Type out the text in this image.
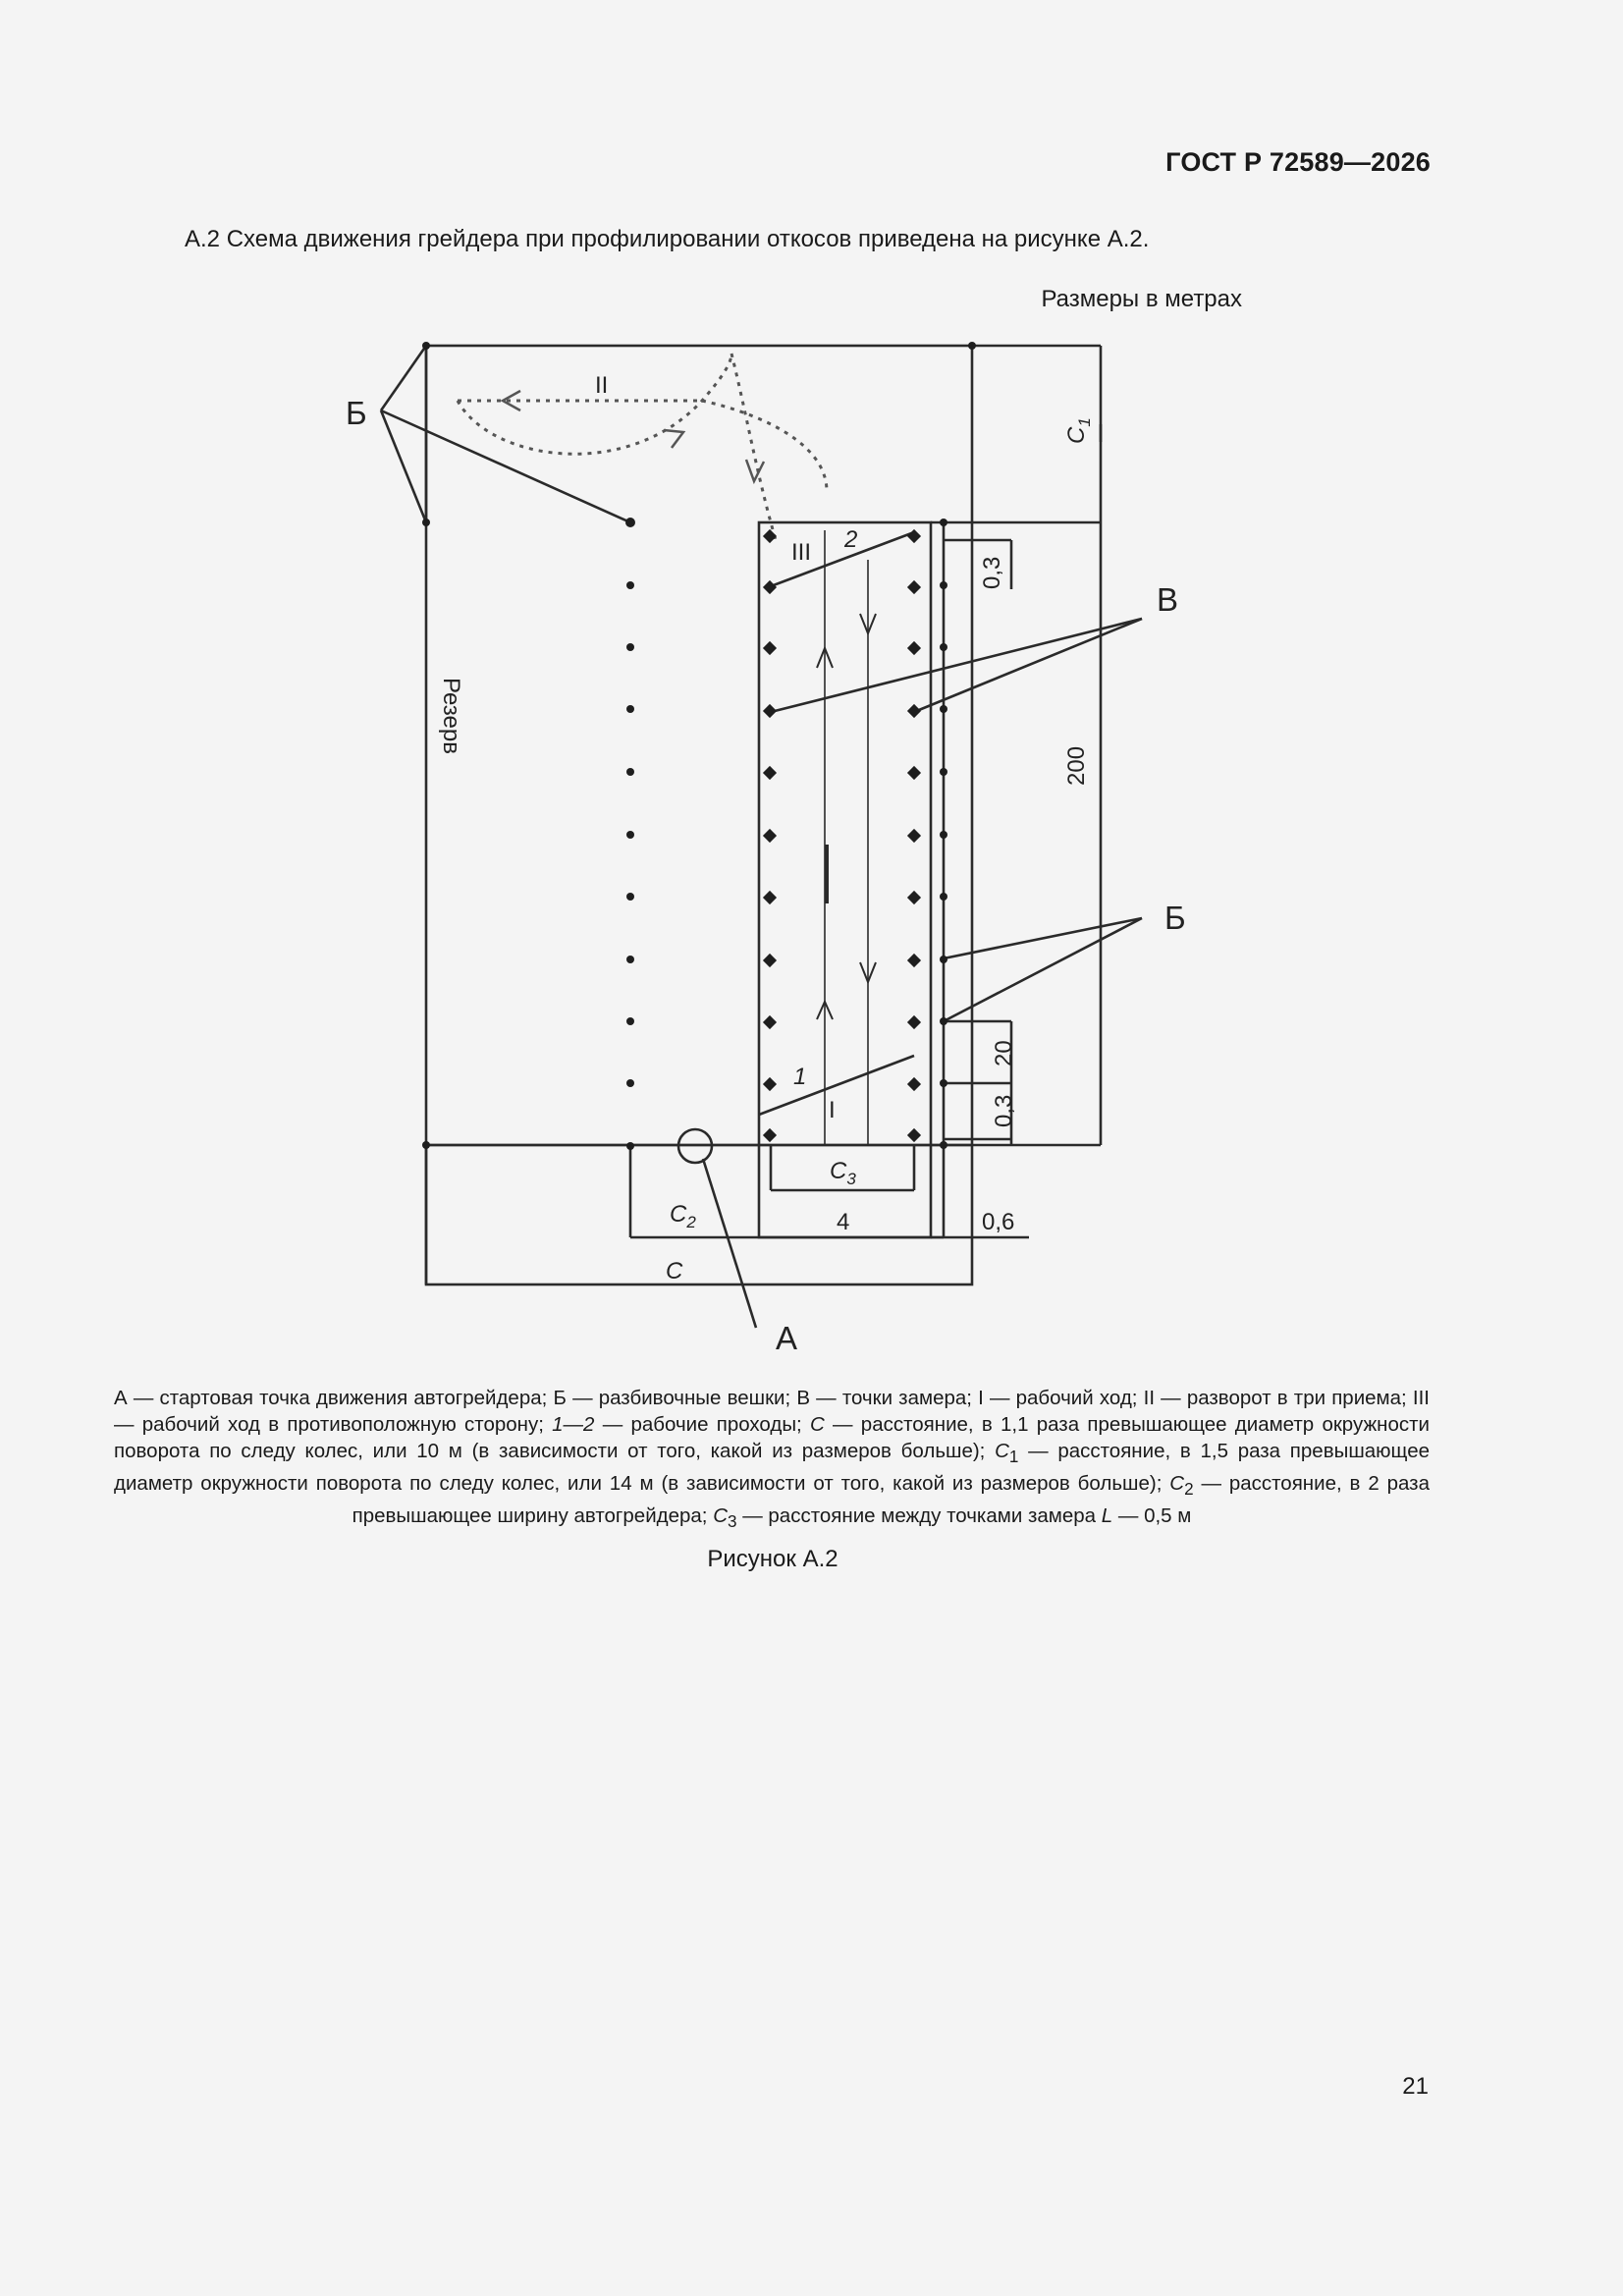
ГОСТ Р 72589—2026
А.2 Схема движения грейдера при профилировании откосов приведена на рисунке А.2.
Размеры в метрах
Б
В
Б
А
Резерв
II
III 2
1
I
200
0,3
20
0,3
4	0,6
$С_1$
$С_2$
$С_3$
С
А — стартовая точка движения автогрейдера; Б — разбивочные вешки; В — точки замера; I — рабочий ход; II — разворот в три приема; III — рабочий ход в противоположную сторону; 1—2 — рабочие проходы; С — расстояние, в 1,1 раза превышающее диаметр окружности поворота по следу колес, или 10 м (в зависимости от того, какой из размеров больше); $С_1$ — расстояние, в 1,5 раза превышающее диаметр окружности поворота по следу колес, или 14 м (в зависимости от того, какой из размеров больше); $С_2$ — расстояние, в 2 раза превышающее ширину автогрейдера; $С_3$ — расстояние между точками замера L — 0,5 м
Рисунок А.2
21
